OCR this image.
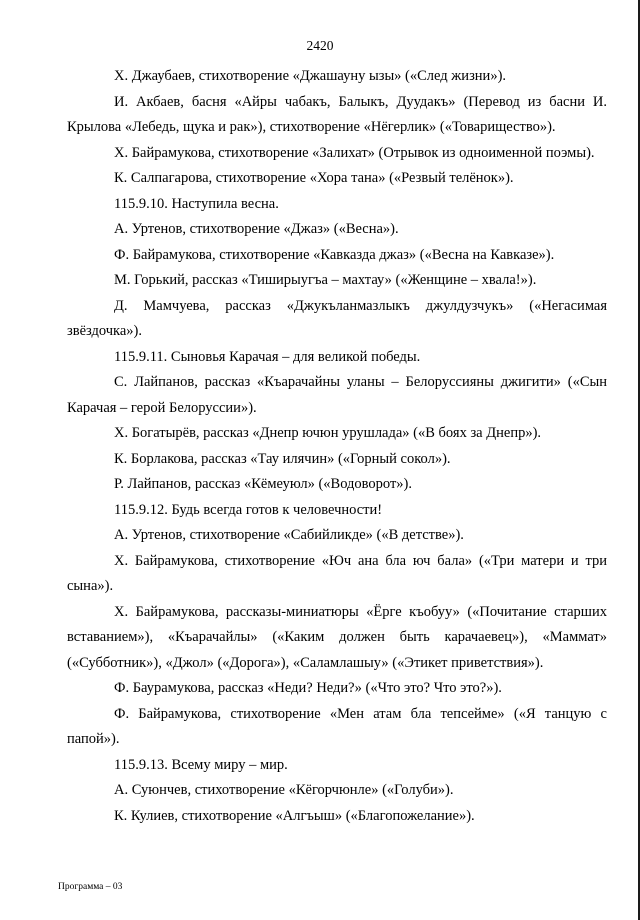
2420

Х. Джаубаев, стихотворение «Джашауну ызы» («След жизни»).

И. Акбаев, басня «Айры чабакъ, Балыкъ, Дуудакъ» (Перевод из басни И. Крылова «Лебедь, щука и рак»), стихотворение «Нёгерлик» («Товарищество»).

Х. Байрамукова, стихотворение «Залихат» (Отрывок из одноименной поэмы).

К. Салпагарова, стихотворение «Хора тана» («Резвый телёнок»).

115.9.10. Наступила весна.

А. Уртенов, стихотворение «Джаз» («Весна»).

Ф. Байрамукова, стихотворение «Кавказда джаз» («Весна на Кавказе»).

М. Горький, рассказ «Тиширыугъа – махтау» («Женщине – хвала!»).

Д. Мамчуева, рассказ «Джукъланмазлыкъ джулдузчукъ» («Негасимая звёздочка»).

115.9.11. Сыновья Карачая – для великой победы.

С. Лайпанов, рассказ «Къарачайны уланы – Белоруссияны джигити» («Сын Карачая – герой Белоруссии»).

Х. Богатырёв, рассказ «Днепр ючюн урушлада» («В боях за Днепр»).

К. Борлакова, рассказ «Тау илячин» («Горный сокол»).

Р. Лайпанов, рассказ «Кёмеуюл» («Водоворот»).

115.9.12. Будь всегда готов к человечности!

А. Уртенов, стихотворение «Сабийликде» («В детстве»).

Х. Байрамукова, стихотворение «Юч ана бла юч бала» («Три матери и три сына»).

Х. Байрамукова, рассказы-миниатюры «Ёрге къобуу» («Почитание старших вставанием»), «Къарачайлы» («Каким должен быть карачаевец»), «Маммат» («Субботник»), «Джол» («Дорога»), «Саламлашыу» («Этикет приветствия»).

Ф. Баурамукова, рассказ «Неди? Неди?» («Что это? Что это?»).

Ф. Байрамукова, стихотворение «Мен атам бла тепсейме» («Я танцую с папой»).

115.9.13. Всему миру – мир.

А. Суюнчев, стихотворение «Кёгорчюнле» («Голуби»).

К. Кулиев, стихотворение «Алгъыш» («Благопожелание»).

Программа – 03
